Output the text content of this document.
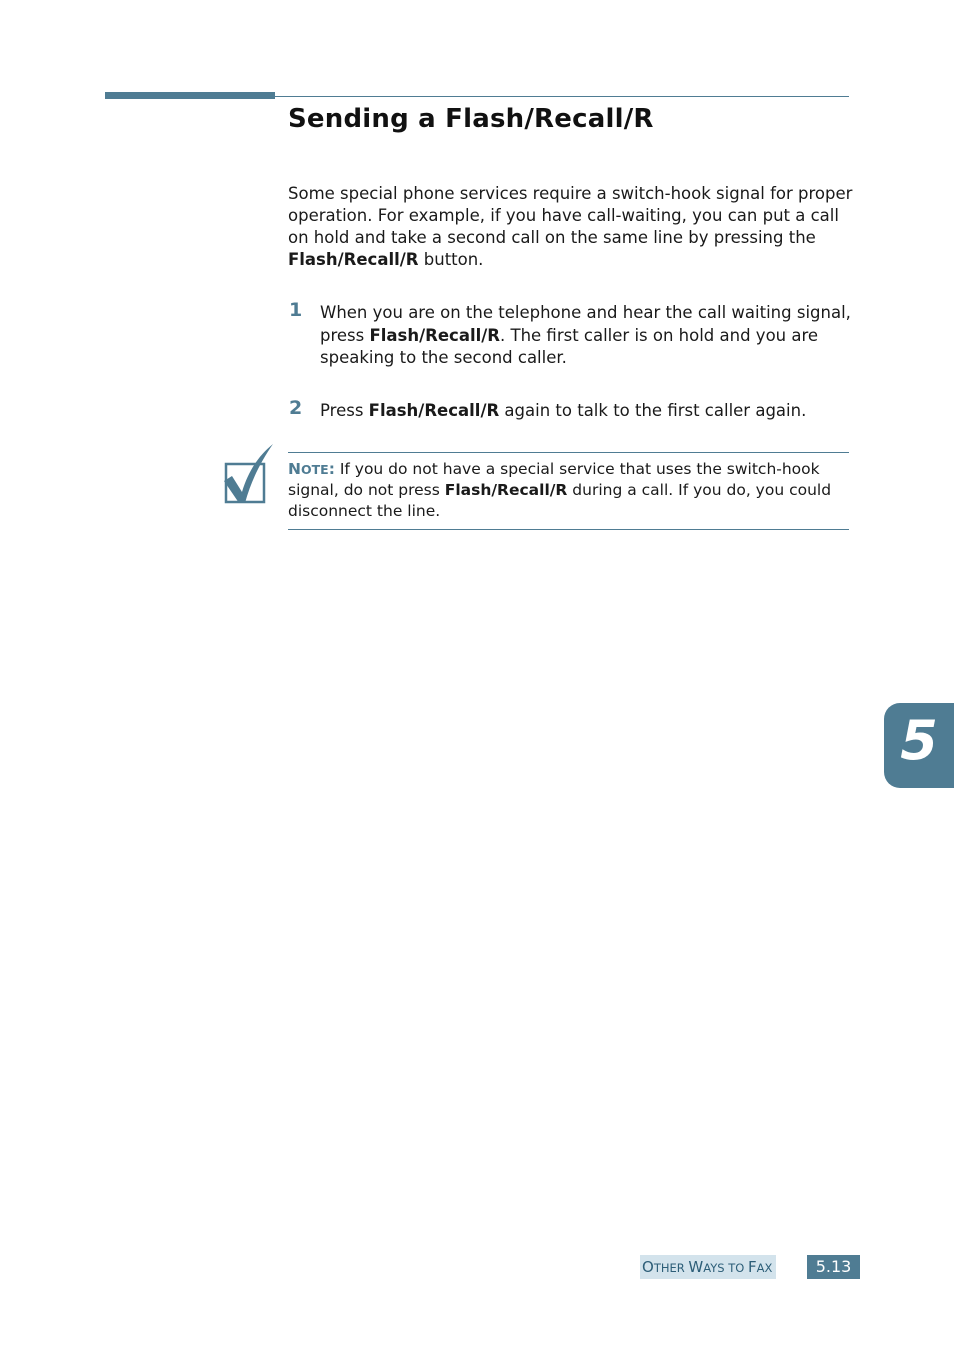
Sending a Flash/Recall/R

Some special phone services require a switch-hook signal for proper operation. For example, if you have call-waiting, you can put a call on hold and take a second call on the same line by pressing the Flash/Recall/R button.

1 When you are on the telephone and hear the call waiting signal, press Flash/Recall/R. The first caller is on hold and you are speaking to the second caller.

2 Press Flash/Recall/R again to talk to the first caller again.

NOTE: If you do not have a special service that uses the switch-hook signal, do not press Flash/Recall/R during a call. If you do, you could disconnect the line.

5
OTHER WAYS TO FAX	5.13
